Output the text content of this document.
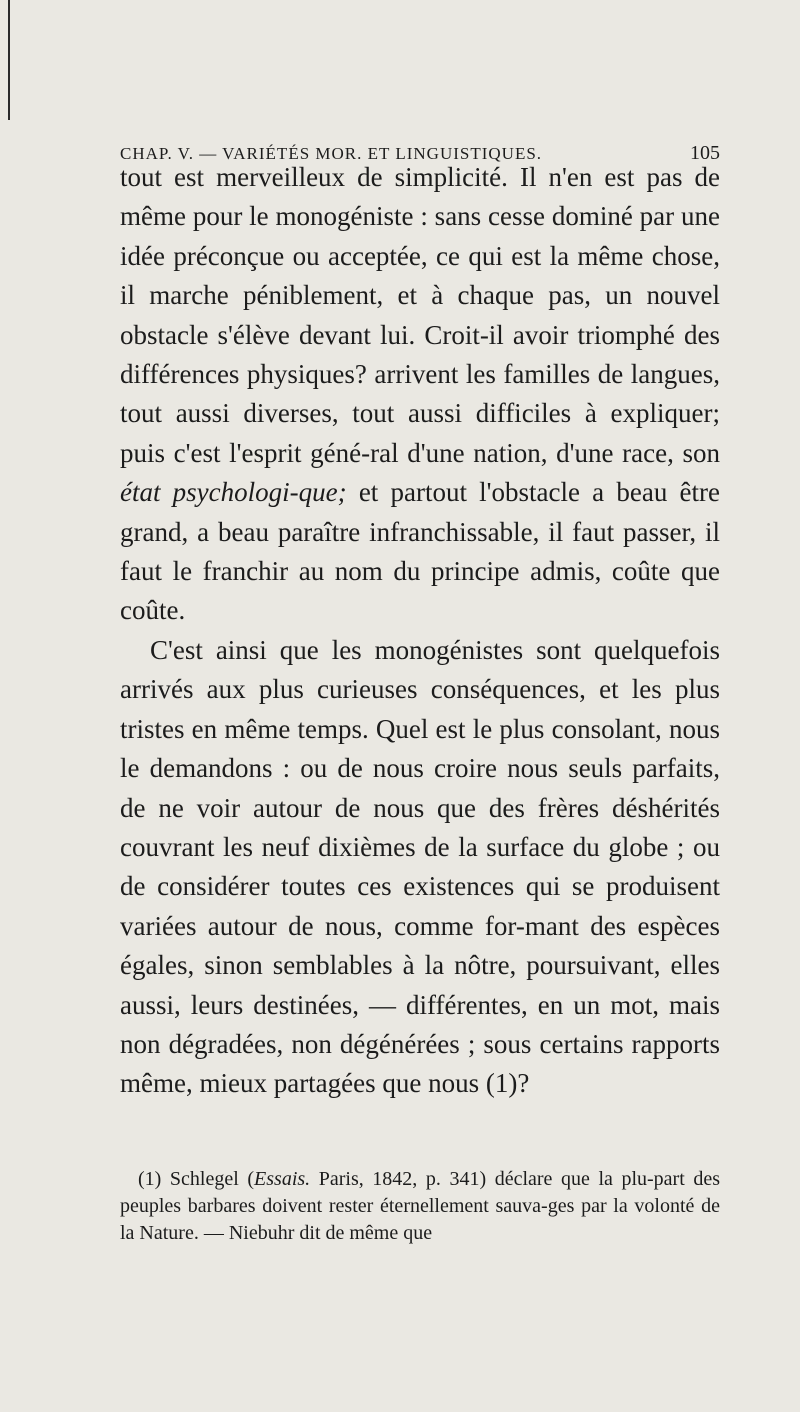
CHAP. V. — VARIÉTÉS MOR. ET LINGUISTIQUES.	105

tout est merveilleux de simplicité. Il n'en est pas de même pour le monogéniste : sans cesse dominé par une idée préconçue ou acceptée, ce qui est la même chose, il marche péniblement, et à chaque pas, un nouvel obstacle s'élève devant lui. Croit-il avoir triomphé des différences physiques? arrivent les familles de langues, tout aussi diverses, tout aussi difficiles à expliquer; puis c'est l'esprit géné-ral d'une nation, d'une race, son état psychologi-que; et partout l'obstacle a beau être grand, a beau paraître infranchissable, il faut passer, il faut le franchir au nom du principe admis, coûte que coûte.

C'est ainsi que les monogénistes sont quelquefois arrivés aux plus curieuses conséquences, et les plus tristes en même temps. Quel est le plus consolant, nous le demandons : ou de nous croire nous seuls parfaits, de ne voir autour de nous que des frères déshérités couvrant les neuf dixièmes de la surface du globe ; ou de considérer toutes ces existences qui se produisent variées autour de nous, comme for-mant des espèces égales, sinon semblables à la nôtre, poursuivant, elles aussi, leurs destinées, — différentes, en un mot, mais non dégradées, non dégénérées ; sous certains rapports même, mieux partagées que nous (1)?

(1) Schlegel (Essais. Paris, 1842, p. 341) déclare que la plu-part des peuples barbares doivent rester éternellement sauva-ges par la volonté de la Nature. — Niebuhr dit de même que
